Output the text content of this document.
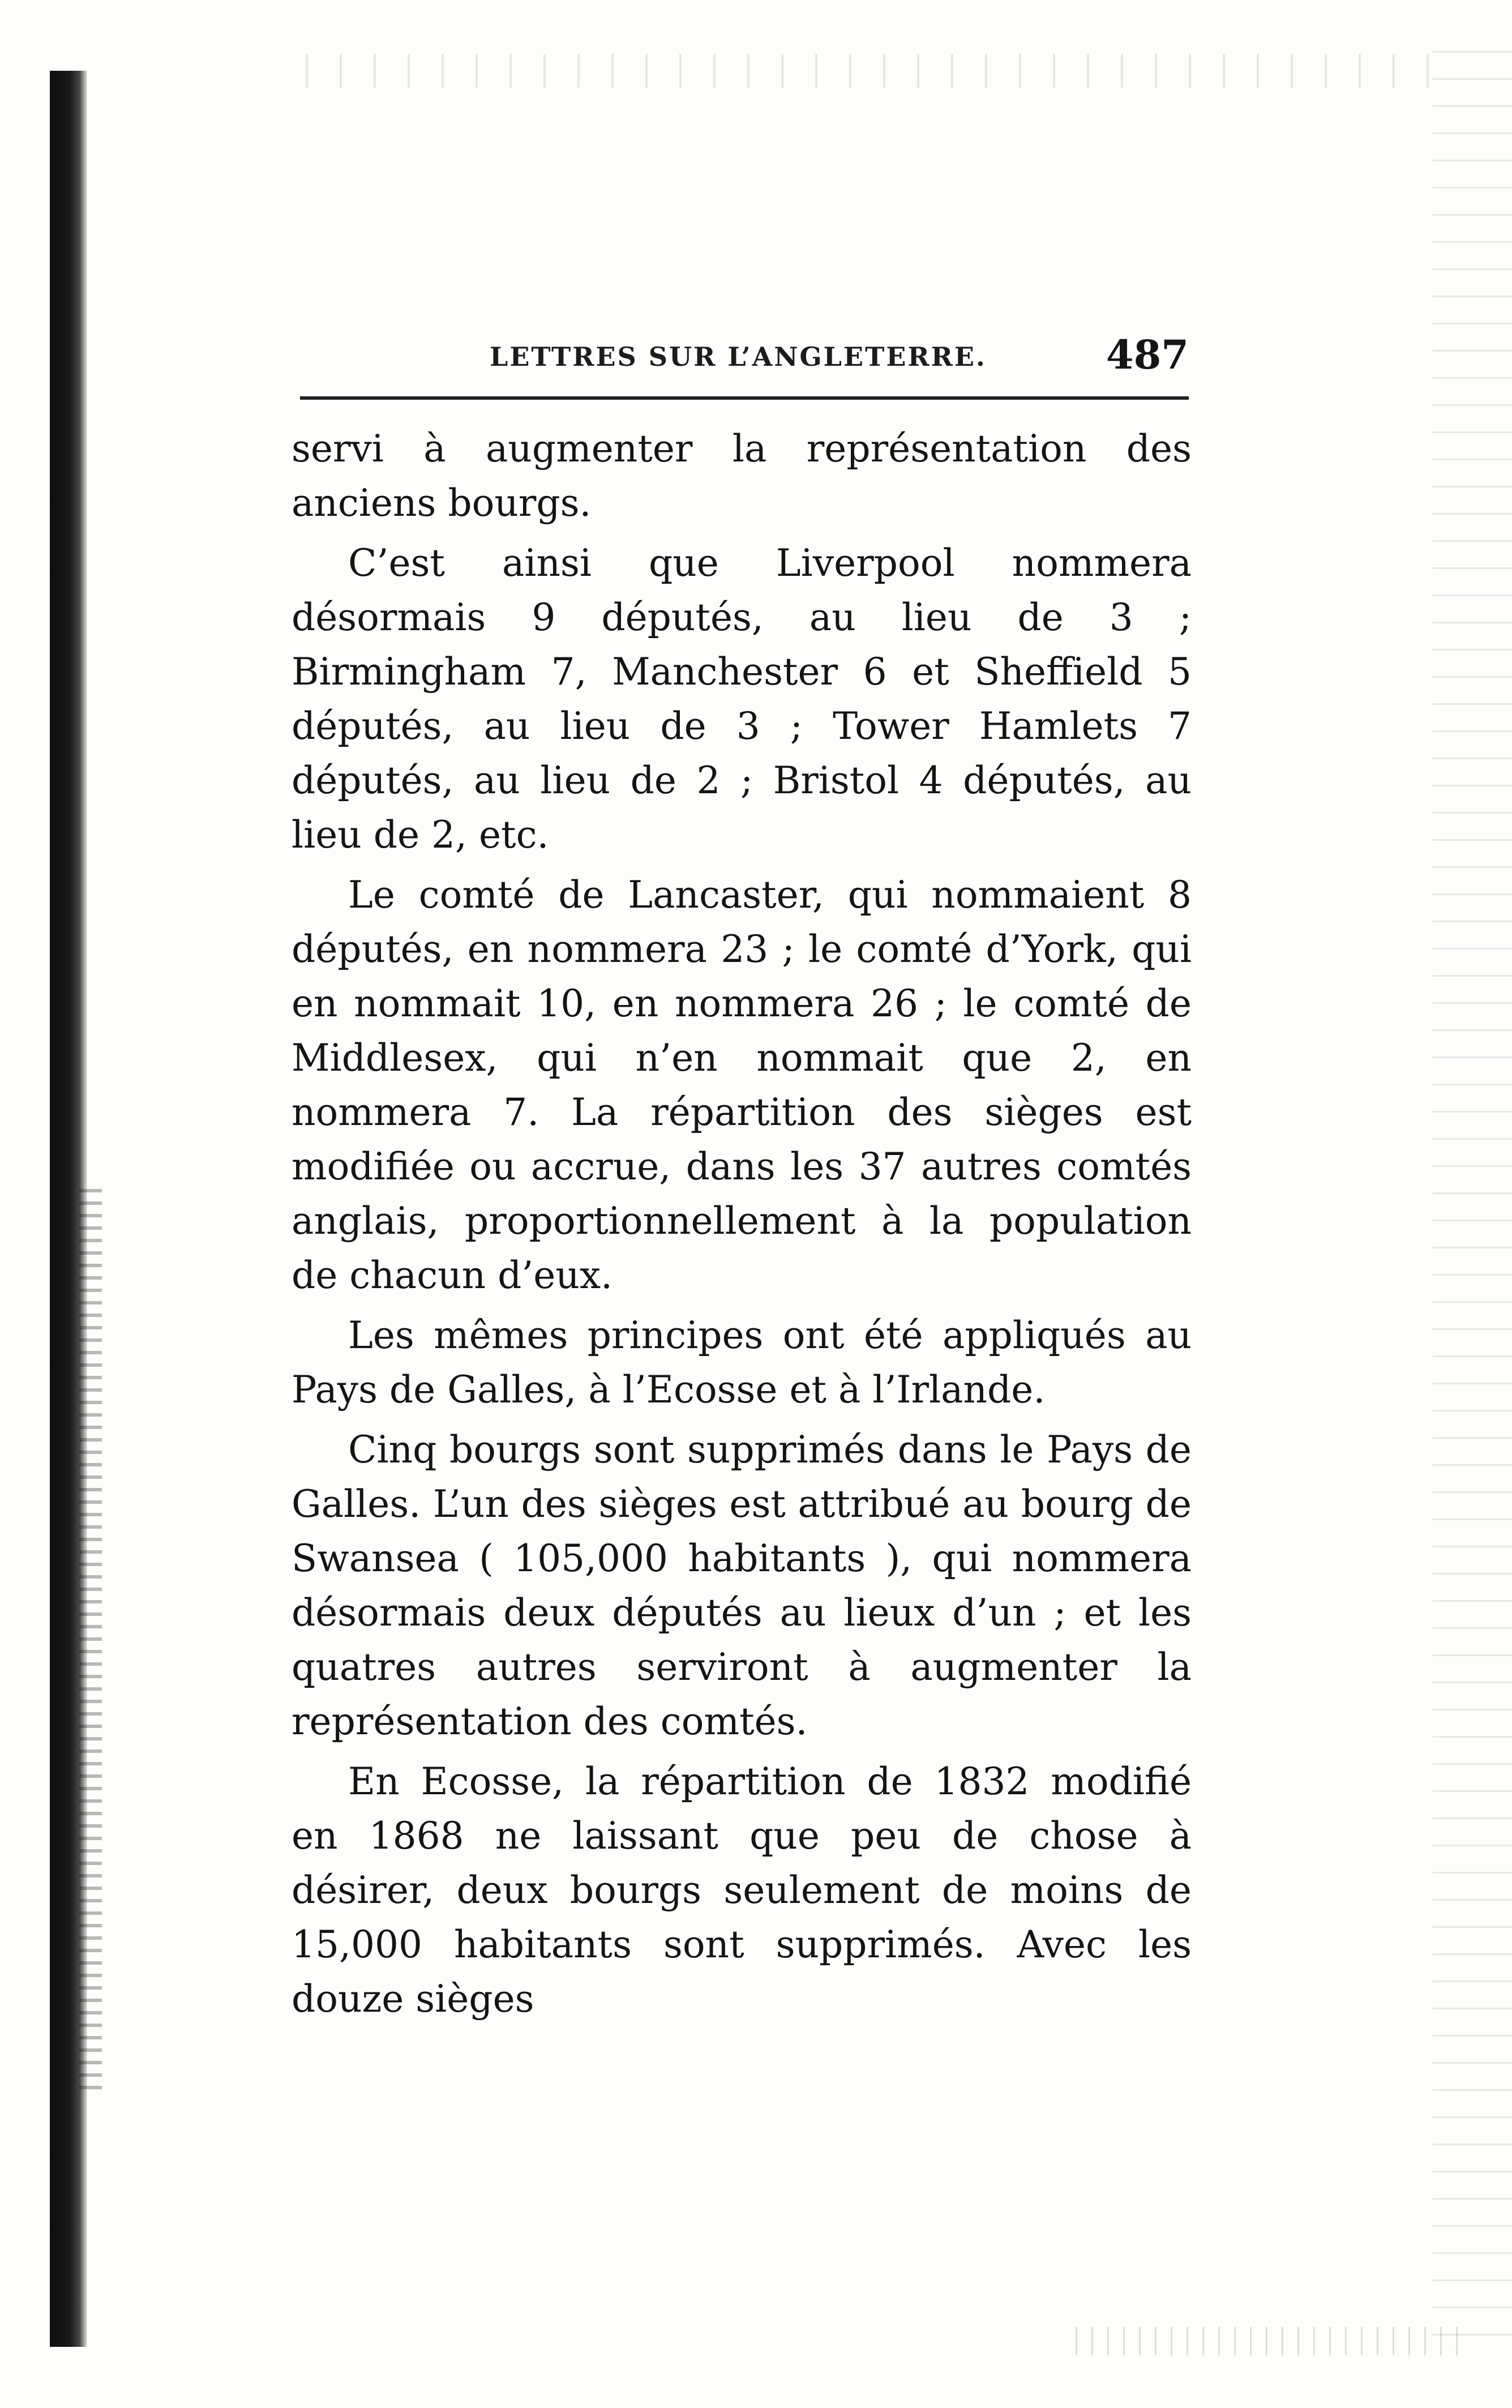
LETTRES SUR L’ANGLETERRE.	487

servi à augmenter la représentation des anciens bourgs.

C’est ainsi que Liverpool nommera désormais 9 députés, au lieu de 3 ; Birmingham 7, Manchester 6 et Sheffield 5 députés, au lieu de 3 ; Tower Hamlets 7 députés, au lieu de 2 ; Bristol 4 députés, au lieu de 2, etc.

Le comté de Lancaster, qui nommaient 8 députés, en nommera 23 ; le comté d’York, qui en nommait 10, en nommera 26 ; le comté de Middlesex, qui n’en nommait que 2, en nommera 7. La répartition des sièges est modifiée ou accrue, dans les 37 autres comtés anglais, proportionnellement à la population de chacun d’eux.

Les mêmes principes ont été appliqués au Pays de Galles, à l’Ecosse et à l’Irlande.

Cinq bourgs sont supprimés dans le Pays de Galles. L’un des sièges est attribué au bourg de Swansea ( 105,000 habitants ), qui nommera désormais deux députés au lieux d’un ; et les quatres autres serviront à augmenter la représentation des comtés.

En Ecosse, la répartition de 1832 modifié en 1868 ne laissant que peu de chose à désirer, deux bourgs seulement de moins de 15,000 habitants sont supprimés. Avec les douze sièges
